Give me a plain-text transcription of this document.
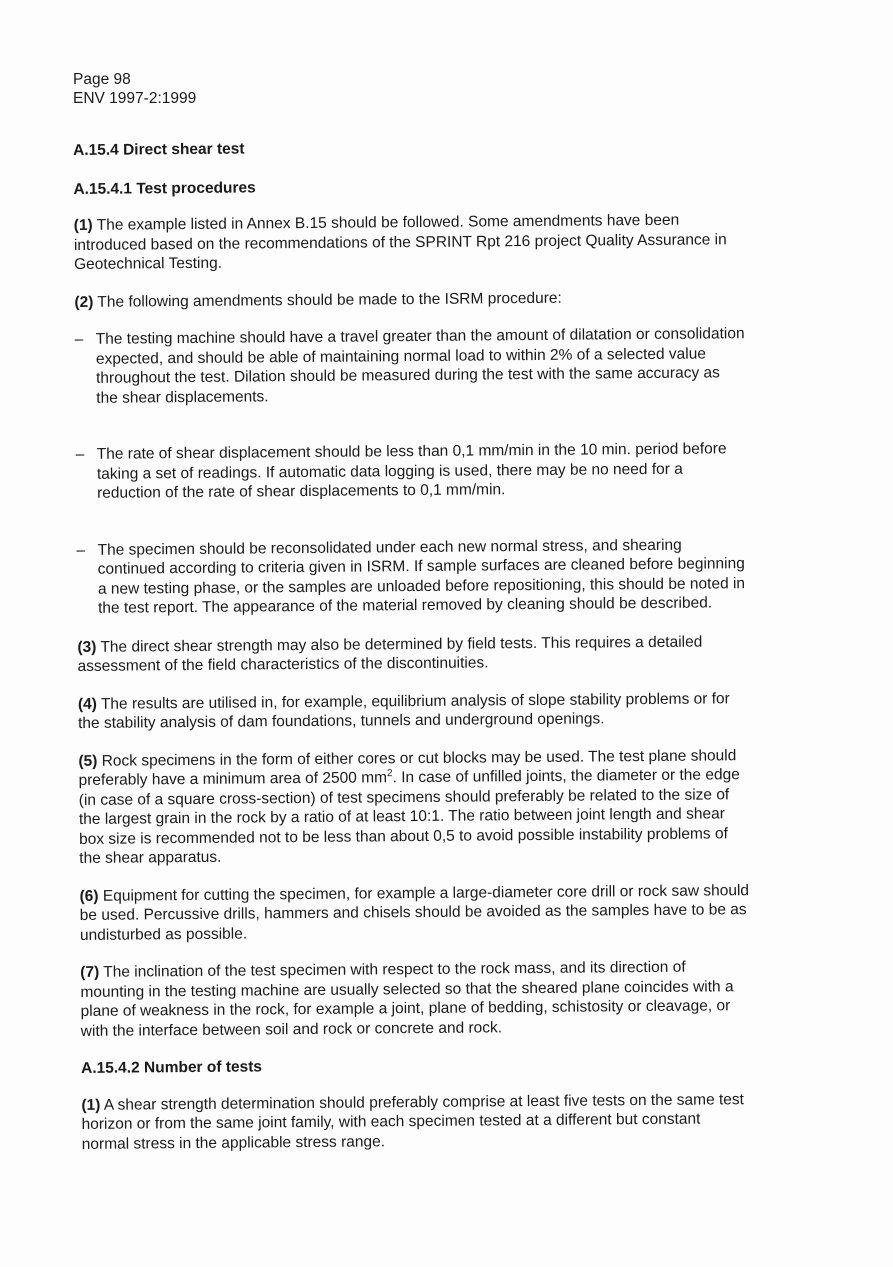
Page 98
ENV 1997-2:1999
A.15.4 Direct shear test
A.15.4.1 Test procedures

(1) The example listed in Annex B.15 should be followed. Some amendments have been introduced based on the recommendations of the SPRINT Rpt 216 project Quality Assurance in Geotechnical Testing.

(2) The following amendments should be made to the ISRM procedure:

– The testing machine should have a travel greater than the amount of dilatation or consolidation expected, and should be able of maintaining normal load to within 2% of a selected value throughout the test. Dilation should be measured during the test with the same accuracy as the shear displacements.
– The rate of shear displacement should be less than 0,1 mm/min in the 10 min. period before taking a set of readings. If automatic data logging is used, there may be no need for a reduction of the rate of shear displacements to 0,1 mm/min.
– The specimen should be reconsolidated under each new normal stress, and shearing continued according to criteria given in ISRM. If sample surfaces are cleaned before beginning a new testing phase, or the samples are unloaded before repositioning, this should be noted in the test report. The appearance of the material removed by cleaning should be described.

(3) The direct shear strength may also be determined by field tests. This requires a detailed assessment of the field characteristics of the discontinuities.

(4) The results are utilised in, for example, equilibrium analysis of slope stability problems or for the stability analysis of dam foundations, tunnels and underground openings.

(5) Rock specimens in the form of either cores or cut blocks may be used. The test plane should preferably have a minimum area of 2500 $mm^2$. In case of unfilled joints, the diameter or the edge (in case of a square cross-section) of test specimens should preferably be related to the size of the largest grain in the rock by a ratio of at least 10:1. The ratio between joint length and shear box size is recommended not to be less than about 0,5 to avoid possible instability problems of the shear apparatus.

(6) Equipment for cutting the specimen, for example a large-diameter core drill or rock saw should be used. Percussive drills, hammers and chisels should be avoided as the samples have to be as undisturbed as possible.

(7) The inclination of the test specimen with respect to the rock mass, and its direction of mounting in the testing machine are usually selected so that the sheared plane coincides with a plane of weakness in the rock, for example a joint, plane of bedding, schistosity or cleavage, or with the interface between soil and rock or concrete and rock.

A.15.4.2 Number of tests

(1) A shear strength determination should preferably comprise at least five tests on the same test horizon or from the same joint family, with each specimen tested at a different but constant normal stress in the applicable stress range.
